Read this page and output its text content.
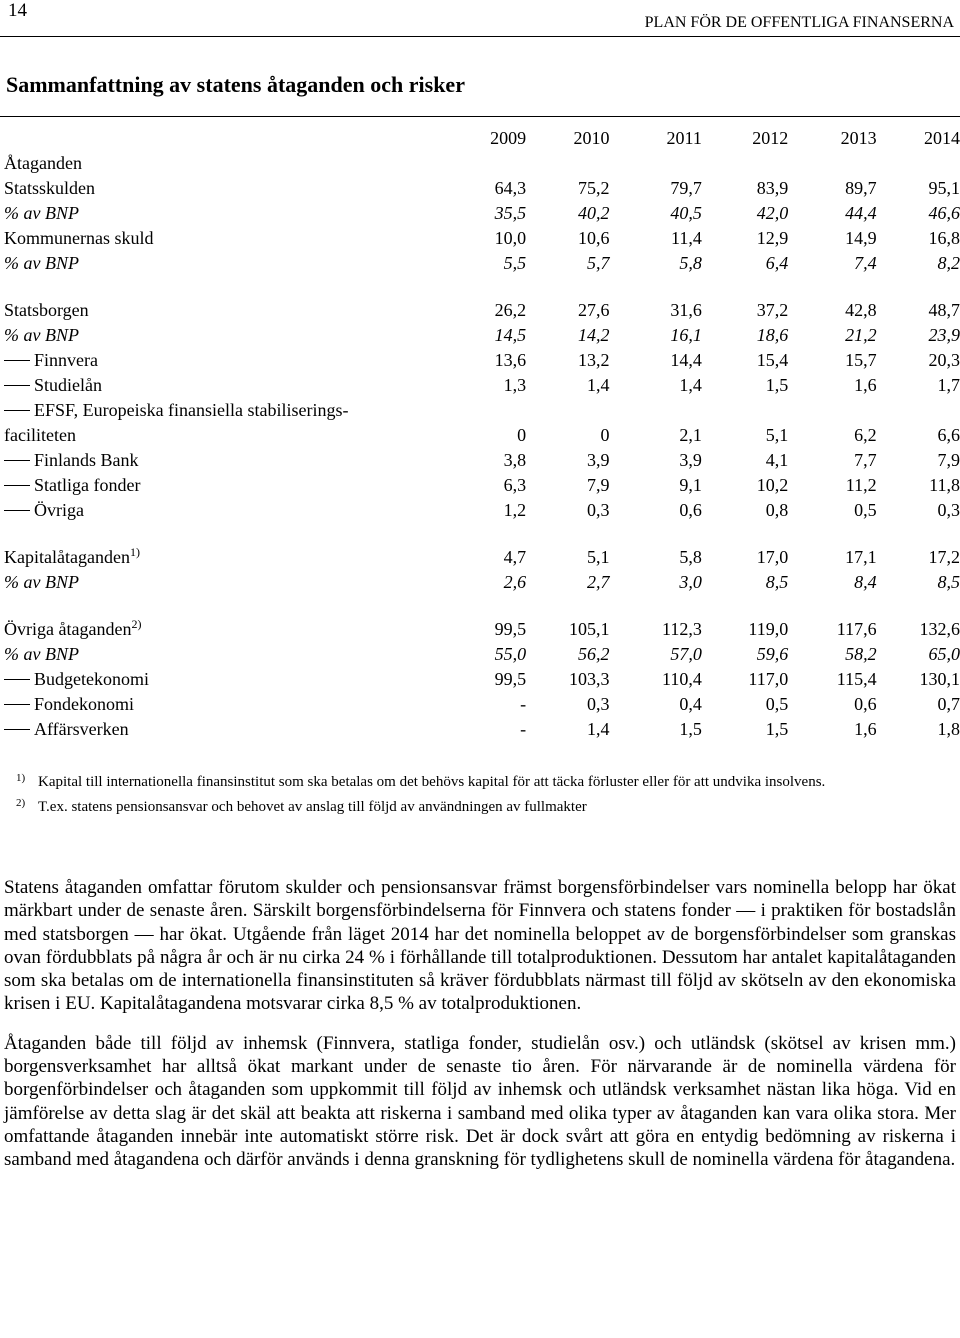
14
PLAN FÖR DE OFFENTLIGA FINANSERNA
Sammanfattning av statens åtaganden och risker
	2009	2010	2011	2012	2013	2014
Åtaganden						
Statsskulden	64,3	75,2	79,7	83,9	89,7	95,1
% av BNP	35,5	40,2	40,5	42,0	44,4	46,6
Kommunernas skuld	10,0	10,6	11,4	12,9	14,9	16,8
% av BNP	5,5	5,7	5,8	6,4	7,4	8,2

Statsborgen	26,2	27,6	31,6	37,2	42,8	48,7
% av BNP	14,5	14,2	16,1	18,6	21,2	23,9
Finnvera	13,6	13,2	14,4	15,4	15,7	20,3
Studielån	1,3	1,4	1,4	1,5	1,6	1,7
EFSF, Europeiska finansiella stabiliserings-						
faciliteten	0	0	2,1	5,1	6,2	6,6
Finlands Bank	3,8	3,9	3,9	4,1	7,7	7,9
Statliga fonder	6,3	7,9	9,1	10,2	11,2	11,8
Övriga	1,2	0,3	0,6	0,8	0,5	0,3

Kapitalåtaganden$^{1)}$	4,7	5,1	5,8	17,0	17,1	17,2
% av BNP	2,6	2,7	3,0	8,5	8,4	8,5

Övriga åtaganden$^{2)}$	99,5	105,1	112,3	119,0	117,6	132,6
% av BNP	55,0	56,2	57,0	59,6	58,2	65,0
Budgetekonomi	99,5	103,3	110,4	117,0	115,4	130,1
Fondekonomi	-	0,3	0,4	0,5	0,6	0,7
Affärsverken	-	1,4	1,5	1,5	1,6	1,8
1) Kapital till internationella finansinstitut som ska betalas om det behövs kapital för att täcka förluster eller för att undvika insolvens.
2) T.ex. statens pensionsansvar och behovet av anslag till följd av användningen av fullmakter

Statens åtaganden omfattar förutom skulder och pensionsansvar främst borgensförbindelser vars nominella belopp har ökat märkbart under de senaste åren. Särskilt borgensförbindelserna för Finnvera och statens fonder — i praktiken för bostadslån med statsborgen — har ökat. Utgående från läget 2014 har det nominella beloppet av de borgensförbindelser som granskas ovan fördubblats på några år och är nu cirka 24 % i förhållande till totalproduktionen. Dessutom har antalet kapitalåtaganden som ska betalas om de internationella finansinstituten så kräver fördubblats närmast till följd av skötseln av den ekonomiska krisen i EU. Kapitalåtagandena motsvarar cirka 8,5 % av totalproduktionen.

Åtaganden både till följd av inhemsk (Finnvera, statliga fonder, studielån osv.) och utländsk (skötsel av krisen mm.) borgensverksamhet har alltså ökat markant under de senaste tio åren. För närvarande är de nominella värdena för borgenförbindelser och åtaganden som uppkommit till följd av inhemsk och utländsk verksamhet nästan lika höga. Vid en jämförelse av detta slag är det skäl att beakta att riskerna i samband med olika typer av åtaganden kan vara olika stora. Mer omfattande åtaganden innebär inte automatiskt större risk. Det är dock svårt att göra en entydig bedömning av riskerna i samband med åtagandena och därför används i denna granskning för tydlighetens skull de nominella värdena för åtagandena.
